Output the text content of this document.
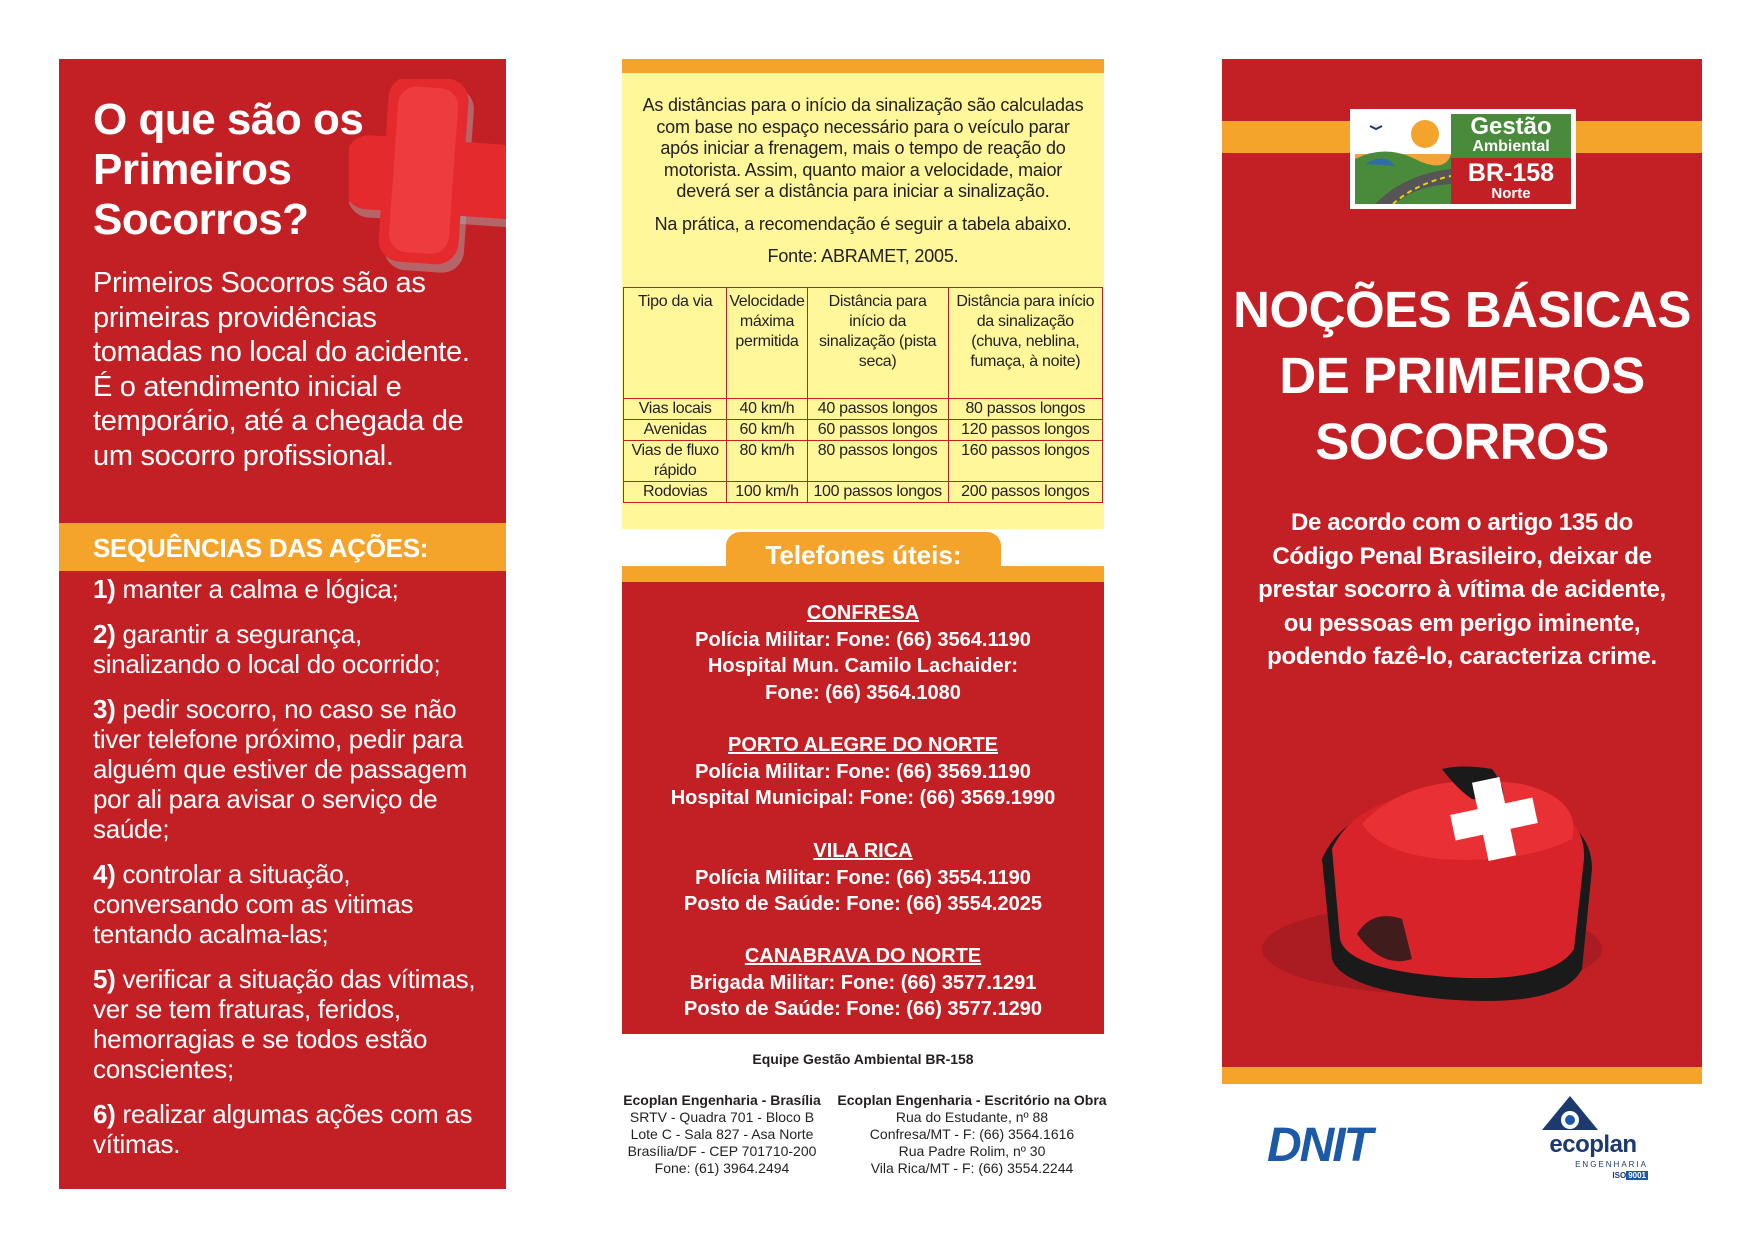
O que são os Primeiros Socorros?
Primeiros Socorros são as primeiras providências tomadas no local do acidente. É o atendimento inicial e temporário, até a chegada de um socorro profissional.
SEQUÊNCIAS DAS AÇÕES:
1) manter a calma e lógica;
2) garantir a segurança, sinalizando o local do ocorrido;
3) pedir socorro, no caso se não tiver telefone próximo, pedir para alguém que estiver de passagem por ali para avisar o serviço de saúde;
4) controlar a situação, conversando com as vitimas tentando acalma-las;
5) verificar a situação das vítimas, ver se tem fraturas, feridos, hemorragias e se todos estão conscientes;
6) realizar algumas ações com as vítimas.

As distâncias para o início da sinalização são calculadas com base no espaço necessário para o veículo parar após iniciar a frenagem, mais o tempo de reação do motorista. Assim, quanto maior a velocidade, maior deverá ser a distância para iniciar a sinalização.

Na prática, a recomendação é seguir a tabela abaixo.

Fonte: ABRAMET, 2005.

Tipo da via	Velocidade máxima permitida	Distância para início da sinalização (pista seca)	Distância para início da sinalização (chuva, neblina, fumaça, à noite)
Vias locais	40 km/h	40 passos longos	80 passos longos
Avenidas	60 km/h	60 passos longos	120 passos longos
Vias de fluxo rápido	80 km/h	80 passos longos	160 passos longos
Rodovias	100 km/h	100 passos longos	200 passos longos
Telefones úteis:
CONFRESA
Polícia Militar: Fone: (66) 3564.1190
Hospital Mun. Camilo Lachaider:
Fone: (66) 3564.1080
PORTO ALEGRE DO NORTE
Polícia Militar: Fone: (66) 3569.1190
Hospital Municipal: Fone: (66) 3569.1990
VILA RICA
Polícia Militar: Fone: (66) 3554.1190
Posto de Saúde: Fone: (66) 3554.2025
CANABRAVA DO NORTE
Brigada Militar: Fone: (66) 3577.1291
Posto de Saúde: Fone: (66) 3577.1290
Equipe Gestão Ambiental BR-158
Ecoplan Engenharia - Brasília
SRTV - Quadra 701 - Bloco B
Lote C - Sala 827 - Asa Norte
Brasília/DF - CEP 701710-200
Fone: (61) 3964.2494
Ecoplan Engenharia - Escritório na Obra
Rua do Estudante, nº 88
Confresa/MT - F: (66) 3564.1616
Rua Padre Rolim, nº 30
Vila Rica/MT - F: (66) 3554.2244
Gestão
Ambiental
BR-158
Norte
NOÇÕES BÁSICAS DE PRIMEIROS SOCORROS
De acordo com o artigo 135 do Código Penal Brasileiro, deixar de prestar socorro à vítima de acidente, ou pessoas em perigo iminente, podendo fazê-lo, caracteriza crime.
DNIT	ecoplan
ENGENHARIA
ISO 9001
